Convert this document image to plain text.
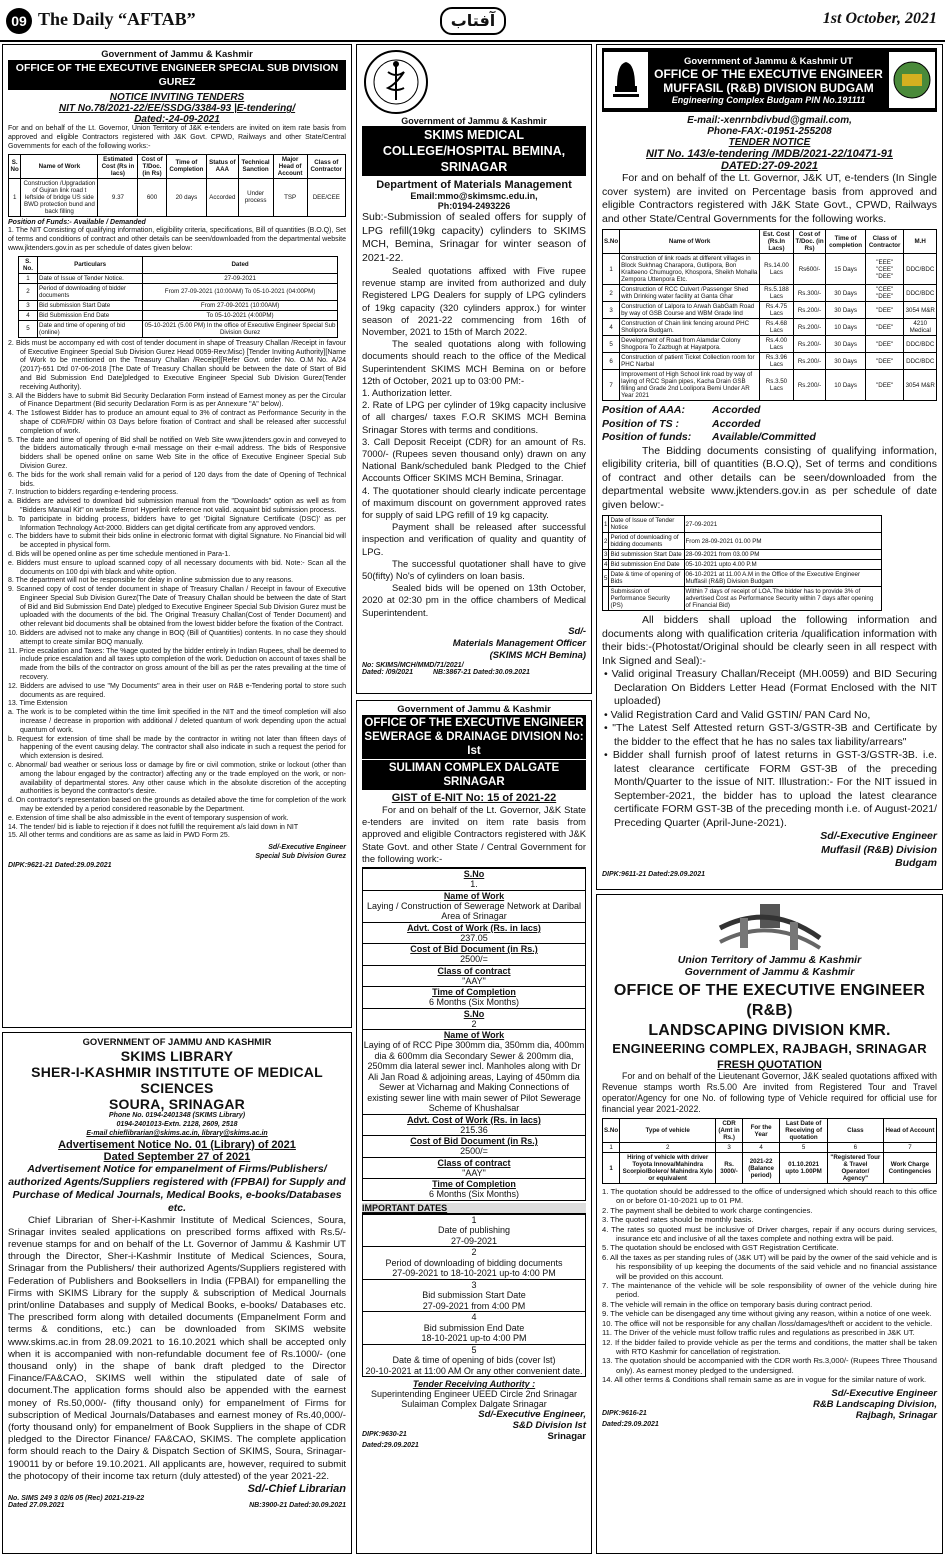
09 The Daily “AFTAB”	آفتاب	1st October, 2021
Government of Jammu & Kashmir
OFFICE OF THE EXECUTIVE ENGINEER SPECIAL SUB DIVISION GUREZ
NOTICE INVITING TENDERS
NIT No.78/2021-22/EE/SSDG/3384-93 |E-tendering/
Dated:-24-09-2021

For and on behalf of the Lt. Governor, Union Territory of J&K e-tenders are invited on item rate basis from approved and eligible Contractors registered with J&K Govt. CPWD, Railways and other State/Central Governments for each of the following works:-

S. No	Name of Work	Estimated Cost (Rs in lacs)	Cost of T/Doc. (in Rs)	Time of Completion	Status of AAA	Technical Sanction	Major Head of Account	Class of Contractor
1	Construction /Upgradation of Gujran link road t leftside of bridge US side BWD protection bund and back filling	9.37	600	20 days	Accorded	Under process	TSP	DEE/CEE
Position of Funds:- Available / Demanded

1. The NIT Consisting of qualifying information, eligibility criteria, specifications, Bill of quantities (B.O.Q), Set of terms and conditions of contract and other details can be seen/downloaded from the departmental website www.jktenders.gov.in as per schedule of dates given below:

S. No.	Particulars	Dated
1	Date of Issue of Tender Notice.	27-09-2021
2	Period of downloading of bidder documents	From 27-09-2021 (10:00AM) To 05-10-2021 (04:00PM)
3	Bid submission Start Date	From 27-09-2021 (10:00AM)
4	Bid Submission End Date	To 05-10-2021 (4:00PM)
5	Date and time of opening of bid (online)	05-10-2021 (5.00 PM) In the office of Executive Engineer Special Sub Division Gurez

2. Bids must be accompany ed with cost of tender document in shape of Treasury Challan /Receipt in favour of Executive Engineer Special Sub Division Gurez Head 0059-Rev:Misc) [Tender Inviting Authority][Name of Work to be mentioned on the Treasury Challan /Receipt][Refer Govt. order No. O.M No. A/24 (2017)-651 Dtd 07-06-2018 [The Date of Treasury Challan should be between the date of Start of Bid and Bid Submission End Date]pledged to Executive Engineer Special Sub Division Gurez(Tender receiving Authority).

3. All the Bidders have to submit Bid Security Declaration Form instead of Earnest money as per the Circular of Finance Department (Bid security Declaration Form is as per Annexure "A" below).

4. The 1stlowest Bidder has to produce an amount equal to 3% of contract as Performance Security in the shape of CDR/FDR/ within 03 Days before fixation of Contract and shall be released after successful completion of work.

5. The date and time of opening of Bid shall be notified on Web Site www.jktenders.gov.in and conveyed to the bidders automatically through e-mail message on their e-mail address. The bids of Responsive bidders shall be opened online on same Web Site in the office of Executive Engineer Special Sub Division Gurez.

6. The bids for the work shall remain valid for a period of 120 days from the date of Opening of Technical bids.

7. Instruction to bidders regarding e-tendering process.

a. Bidders are advised to download bid submission manual from the "Downloads" option as well as from "Bidders Manual Kit" on website Error! Hyperlink reference not valid. acquaint bid submission process.

b. To participate in bidding process, bidders have to get 'Digital Signature Certificate (DSC)' as per Information Technology Act-2000. Bidders can get digital certificate from any approved vendors.

c. The bidders have to submit their bids online in electronic format with digital Signature. No Financial bid will be accepted in physical form.

d. Bids will be opened online as per time schedule mentioned in Para-1.

e. Bidders must ensure to upload scanned copy of all necessary documents with bid. Note:- Scan all the documents on 100 dpi with black and white option.

8. The department will not be responsible for delay in online submission due to any reasons.

9. Scanned copy of cost of tender document in shape of Treasury Challan / Receipt in favour of Executive Engineer Special Sub Division Gurez(The Date of Treasury Challan should be between the date of Start of Bid and Bid Submission End Date) pledged to Executive Engineer Special Sub Division Gurez must be uploaded with the documents of the bid. The Original Treasury Challan(Cost of Tender Document) and other relevant bid documents shall be obtained from the lowest bidder before the fixation of the Contract.

10. Bidders are advised not to make any change in BOQ (Bill of Quantities) contents. In no case they should attempt to create similar BOQ manually.

11. Price escalation and Taxes: The %age quoted by the bidder entirely in Indian Rupees, shall be deemed to include price escalation and all taxes upto completion of the work. Deduction on account of taxes shall be made from the bills of the contractor on gross amount of the bill as per the rates prevailing at the time of recovery.

12. Bidders are advised to use "My Documents" area in their user on R&B e-Tendering portal to store such documents as are required.

13. Time Extension

a. The work is to be completed within the time limit specified in the NIT and the timeof completion will also increase / decrease in proportion with additional / deleted quantum of work depending upon the actual quantum of work.

b. Request for extension of time shall be made by the contractor in writing not later than fifteen days of happening of the event causing delay. The contractor shall also indicate in such a request the period for which extension is desired.

c. Abnormal/ bad weather or serious loss or damage by fire or civil commotion, strike or lockout (other than among the labour engaged by the contractor) affecting any or the trade employed on the work, or non-availability of departmental stores. Any other cause which in the absolute discretion of the accepting authorities is beyond the contractor's desire.

d. On contractor's representation based on the grounds as detailed above the time for completion of the work may be extended by a period considered reasonable by the Department.

e. Extension of time shall be also admissible in the event of temporary suspension of work.

14. The tender/ bid is liable to rejection if it does not fulfill the requirement a/s laid down in NIT

15. All other terms and conditions are as same as laid in PWD Form 25.

Sd/-Executive Engineer
Special Sub Division Gurez
DIPK:9621-21 Dated:29.09.2021
GOVERNMENT OF JAMMU AND KASHMIR
SKIMS LIBRARY
SHER-I-KASHMIR INSTITUTE OF MEDICAL SCIENCES
SOURA, SRINAGAR
Phone No. 0194-2401348 (SKIMS Library)
0194-2401013-Extn. 2128, 2609, 2518
E-mail chieflibrarian@skims.ac.in, library@skims.ac.in
Advertisement Notice No. 01 (Library) of 2021
Dated September 27 of 2021
Advertisement Notice for empanelment of Firms/Publishers/ authorized Agents/Suppliers registered with (FPBAI) for Supply and Purchase of Medical Journals, Medical Books, e-books/Databases etc.

Chief Librarian of Sher-i-Kashmir Institute of Medical Sciences, Soura, Srinagar invites sealed applications on prescribed forms affixed with Rs.5/- revenue stamps for and on behalf of the Lt. Governor of Jammu & Kashmir UT through the Director, Sher-i-Kashmir Institute of Medical Sciences, Soura, Srinagar from the Publishers/ their authorized Agents/Suppliers registered with Federation of Publishers and Booksellers in India (FPBAI) for empanelling the Firms with SKIMS Library for the supply & subscription of Medical Journals print/online Databases and supply of Medical Books, e-books/ Databases etc. The prescribed form along with detailed documents (Empanelment Form and terms & conditions, etc.) can be downloaded from SKIMS website www.skims.ac.in from 28.09.2021 to 16.10.2021 which shall be accepted only when it is accompanied with non-refundable document fee of Rs.1000/- (one thousand only) in the shape of bank draft pledged to the Director Finance/FA&CAO, SKIMS well within the stipulated date of sale of document.The application forms should also be appended with the earnest money of Rs.50,000/- (fifty thousand only) for empanelment of Firms for subscription of Medical Journals/Databases and earnest money of Rs.40,000/- (forty thousand only) for empanelment of Book Suppliers in the shape of CDR pledged to the Director Finance/ FA&CAO, SKIMS. The complete application form should reach to the Dairy & Dispatch Section of SKIMS, Soura, Srinagar-190011 by or before 19.10.2021. All applicants are, however, required to submit the photocopy of their income tax return (duly attested) of the year 2021-22.

Sd/-Chief Librarian
No. SIMS 249 3 02/6 05 (Rec) 2021-219-22
Dated 27.09.2021	NB:3900-21 Dated:30.09.2021
Government of Jammu & Kashmir
SKIMS MEDICAL COLLEGE/HOSPITAL BEMINA, SRINAGAR
Department of Materials Management
Email:mmo@skimsmc.edu.in,
Ph:0194-2493226

Sub:-Submission of sealed offers for supply of LPG refill(19kg capacity) cylinders to SKIMS MCH, Bemina, Srinagar for winter season of 2021-22.

Sealed quotations affixed with Five rupee revenue stamp are invited from authorized and duly Registered LPG Dealers for supply of LPG cylinders of 19kg capacity (320 cylinders approx.) for winter season of 2021-22 commencing from 16th of November, 2021 to 15th of March 2022.

The sealed quotations along with following documents should reach to the office of the Medical Superintendent SKIMS MCH Bemina on or before 12th of October, 2021 up to 03:00 PM:-

1. Authorization letter.

2. Rate of LPG per cylinder of 19kg capacity inclusive of all charges/ taxes F.O.R SKIMS MCH Bemina Srinagar Stores with terms and conditions.

3. Call Deposit Receipt (CDR) for an amount of Rs. 7000/- (Rupees seven thousand only) drawn on any National Bank/scheduled bank Pledged to the Chief Accounts Officer SKIMS MCH Bemina, Srinagar.

4. The quotationer should clearly indicate percentage of maximum discount on government approved rates for supply of said LPG refill of 19 kg capacity.

Payment shall be released after successful inspection and verification of quality and quantity of LPG.

The successful quotationer shall have to give 50(fifty) No's of cylinders on loan basis.

Sealed bids will be opened on 13th October, 2020 at 02:30 pm in the office chambers of Medical Superintendent.

Sd/-
Materials Management Officer
(SKIMS MCH Bemina)
No: SKIMS/MCH/MMD/71/2021/
Dated: /09/2021	NB:3867-21 Dated:30.09.2021
Government of Jammu & Kashmir
OFFICE OF THE EXECUTIVE ENGINEER SEWERAGE & DRAINAGE DIVISION No: Ist
SULIMAN COMPLEX DALGATE SRINAGAR
GIST of E-NIT No: 15 of 2021-22

For and on behalf of the Lt. Governor, J&K State e-tenders are invited on item rate basis from approved and eligible Contractors registered with J&K State Govt. and other State / Central Government for the following work:-

S.No
1.
Name of Work
Laying / Construction of Sewerage Network at Daribal Area of Srinagar
Advt. Cost of Work (Rs. in lacs)
237.05
Cost of Bid Document (in Rs.)
2500/=
Class of contract
"AAY"
Time of Completion
6 Months (Six Months)
S.No
2
Name of Work
Laying of of RCC Pipe 300mm dia, 350mm dia, 400mm dia & 600mm dia Secondary Sewer & 200mm dia, 250mm dia lateral sewer incl. Manholes along with Dr Ali Jan Road & adjoining areas, Laying of 450mm dia Sewer at Vicharnag and Making Connections of existing sewer line with main sewer of Pilot Sewerage Scheme of Khushalsar
Advt. Cost of Work (Rs. in lacs)
215.36
Cost of Bid Document (in Rs.)
2500/=
Class of contract
"AAY"
Time of Completion
6 Months (Six Months)
IMPORTANT DATES
1
Date of publishing
27-09-2021
2
Period of downloading of bidding documents
27-09-2021 to 18-10-2021 up-to 4:00 PM
3
Bid submission Start Date
27-09-2021 from 4:00 PM
4
Bid submission End Date
18-10-2021 up-to 4:00 PM
5
Date & time of opening of bids (cover Ist)
20-10-2021 at 11:00 AM Or any other convenient date.
Tender Receiving Authority :
Superintending Engineer UEED Circle 2nd Srinagar
Sulaiman Complex Dalgate Srinagar
Sd/-Executive Engineer,
S&D Division Ist
DIPK:9630-21	Srinagar
Dated:29.09.2021
Government of Jammu & Kashmir UT
OFFICE OF THE EXECUTIVE ENGINEER MUFFASIL (R&B) DIVISION BUDGAM
Engineering Complex Budgam PIN No.191111
E-mail:-xenrnbdivbud@gmail.com,
Phone-FAX:-01951-255208
TENDER NOTICE
NIT No. 143/e-tendering /MDB/2021-22/10471-91
DATED:27-09-2021

For and on behalf of the Lt. Governor, J&K UT, e-tenders (In Single cover system) are invited on Percentage basis from approved and eligible Contractors registered with J&K State Govt., CPWD, Railways and other State/Central Governments for the following works.

S.No	Name of Work	Est. Cost (Rs.In Lacs)	Cost of T/Doc. (in Rs)	Time of completion	Class of Contractor	M.H
1	Construction of link roads at different villages in Block Sukhnag Charapora, Gutlipora, Bon Kralteeno Chumugroo, Khospora, Sheikh Mohalla Zempora Uttenpora Etc.	Rs.14.00 Lacs	Rs600/-	15 Days	"EEE" "CEE" "DEE"	DDC/BDC
2	Construction of RCC Culvert /Passenger Shed with Drinking water facility at Ganta Ghar	Rs.5.188 Lacs	Rs.300/-	30 Days	"CEE" "DEE"	DDC/BDC
3	Construction of Lalpora to Arwah GabGath Road by way of GSB Course and WBM Grade lind	Rs.4.75 Lacs	Rs.200/-	30 Days	"DEE"	3054 M&R
4	Construction of Chain link fencing around PHC Sholipora Budgam.	Rs.4.68 Lacs	Rs.200/-	10 Days	"DEE"	4210 Medical
5	Development of Road from Alamdar Colony Shogpora To Zazbugh at Hayatpora.	Rs.4.00 Lacs	Rs.200/-	30 Days	"DEE"	DDC/BDC
6	Construction of patient Ticket Collection room for PHC Narbal	Rs.3.96 Lacs	Rs.200/-	30 Days	"DEE"	DDC/BDC
7	Improvement of High School link road by way of laying of RCC Spain pipes, Kacha Drain GSB filling and Grade 2nd Loolipora Bemi Under AR Year 2021	Rs.3.50 Lacs	Rs.200/-	10 Days	"DEE"	3054 M&R
Position of AAA:	Accorded
Position of TS :	Accorded
Position of funds:	Available/Committed

The Bidding documents consisting of qualifying information, eligibility criteria, bill of quantities (B.O.Q), Set of terms and conditions of contract and other details can be seen/downloaded from the departmental website www.jktenders.gov.in as per schedule of date given below:-

1	Date of Issue of Tender Notice	27-09-2021
2	Period of downloading of bidding documents	From 28-09-2021 01.00 PM
3	Bid submission Start Date	28-09-2021 from 03.00 PM
4	Bid submission End Date	05-10-2021 upto 4.00 P.M
5	Date & time of opening of Bids	06-10-2021 at 11.00 A.M in the Office of the Executive Engineer Muffasil (R&B) Division Budgam
	Submission of Performance Security (PS)	Within 7 days of receipt of LOA.The bidder has to provide 3% of advertised Cost as Performance Security within 7 days after opening of Financial Bid)

All bidders shall upload the following information and documents along with qualification criteria /qualification information with their bids:-(Photostat/Original should be clearly seen in all respect with Ink Signed and Seal):-

• Valid original Treasury Challan/Receipt (MH.0059) and BID Securing Declaration On Bidders Letter Head (Format Enclosed with the NIT uploaded)

• Valid Registration Card and Valid GSTIN/ PAN Card No,

• "The Latest Self Attested return GST-3/GSTR-3B and Certificate by the bidder to the effect that he has no sales tax liability/arrears"

• Bidder shall furnish proof of latest returns in GST-3/GSTR-3B. i.e. latest clearance certificate FORM GST-3B of the preceding Month/Quarter to the issue of NIT. Illustration:- For the NIT issued in September-2021, the bidder has to upload the latest clearance certificate FORM GST-3B of the preceding month i.e. of August-2021/ Preceding Quarter (April-June-2021).

Sd/-Executive Engineer
Muffasil (R&B) Division
Budgam
DIPK:9611-21 Dated:29.09.2021
Union Territory of Jammu & Kashmir
Government of Jammu & Kashmir
OFFICE OF THE EXECUTIVE ENGINEER (R&B)
LANDSCAPING DIVISION KMR.
ENGINEERING COMPLEX, RAJBAGH, SRINAGAR
FRESH QUOTATION

For and on behalf of the Lieutenant Governor, J&K sealed quotations affixed with Revenue stamps worth Rs.5.00 Are invited from Registered Tour and Travel operator/Agency for one No. of following type of Vehicle required for official use for financial year 2021-2022.

S.No	Type of vehicle	CDR (Amt in Rs.)	For the Year	Last Date of Receiving of quotation	Class	Head of Account
1	2	3	4	5	6	7
1	Hiring of vehicle with driver Toyota Innova/Mahindra Scorpio/Bolero/ Mahindra Xylo or equivalent	Rs. 3000/-	2021-22 (Balance period)	01.10.2021 upto 1.00PM	"Registered Tour & Travel Operator/ Agency"	Work Charge Contingencies

1. The quotation should be addressed to the office of undersigned which should reach to this office on or before 01-10-2021 up to 01 PM.

2. The payment shall be debited to work charge contingencies.

3. The quoted rates should be monthly basis.

4. The rates so quoted must be inclusive of Driver charges, repair if any occurs during services, insurance etc and inclusive of all the taxes complete and nothing extra will be paid.

5. The quotation should be enclosed with GST Registration Certificate.

6. All the taxes as per standing rules of (J&K UT) will be paid by the owner of the said vehicle and is his responsibility of up keeping the documents of the said vehicle and no financial assistance will be provided on this account.

7. The maintenance of the vehicle will be sole responsibility of owner of the vehicle during hire period.

8. The vehicle will remain in the office on temporary basis during contract period.

9. The vehicle can be disengaged any time without giving any reason, within a notice of one week.

10. The office will not be responsible for any challan /loss/damages/theft or accident to the vehicle.

11. The Driver of the vehicle must follow traffic rules and regulations as prescribed in J&K UT.

12. If the bidder failed to provide vehicle as per the terms and conditions, the matter shall be taken with RTO Kashmir for cancellation of registration.

13. The quotation should be accompanied with the CDR worth Rs.3,000/- (Rupees Three Thousand only). As earnest money pledged to the undersigned.

14. All other terms & Conditions shall remain same as are in vogue for the similar nature of work.

Sd/-Executive Engineer
R&B Landscaping Division,
DIPK:9616-21	Rajbagh, Srinagar
Dated:29.09.2021
